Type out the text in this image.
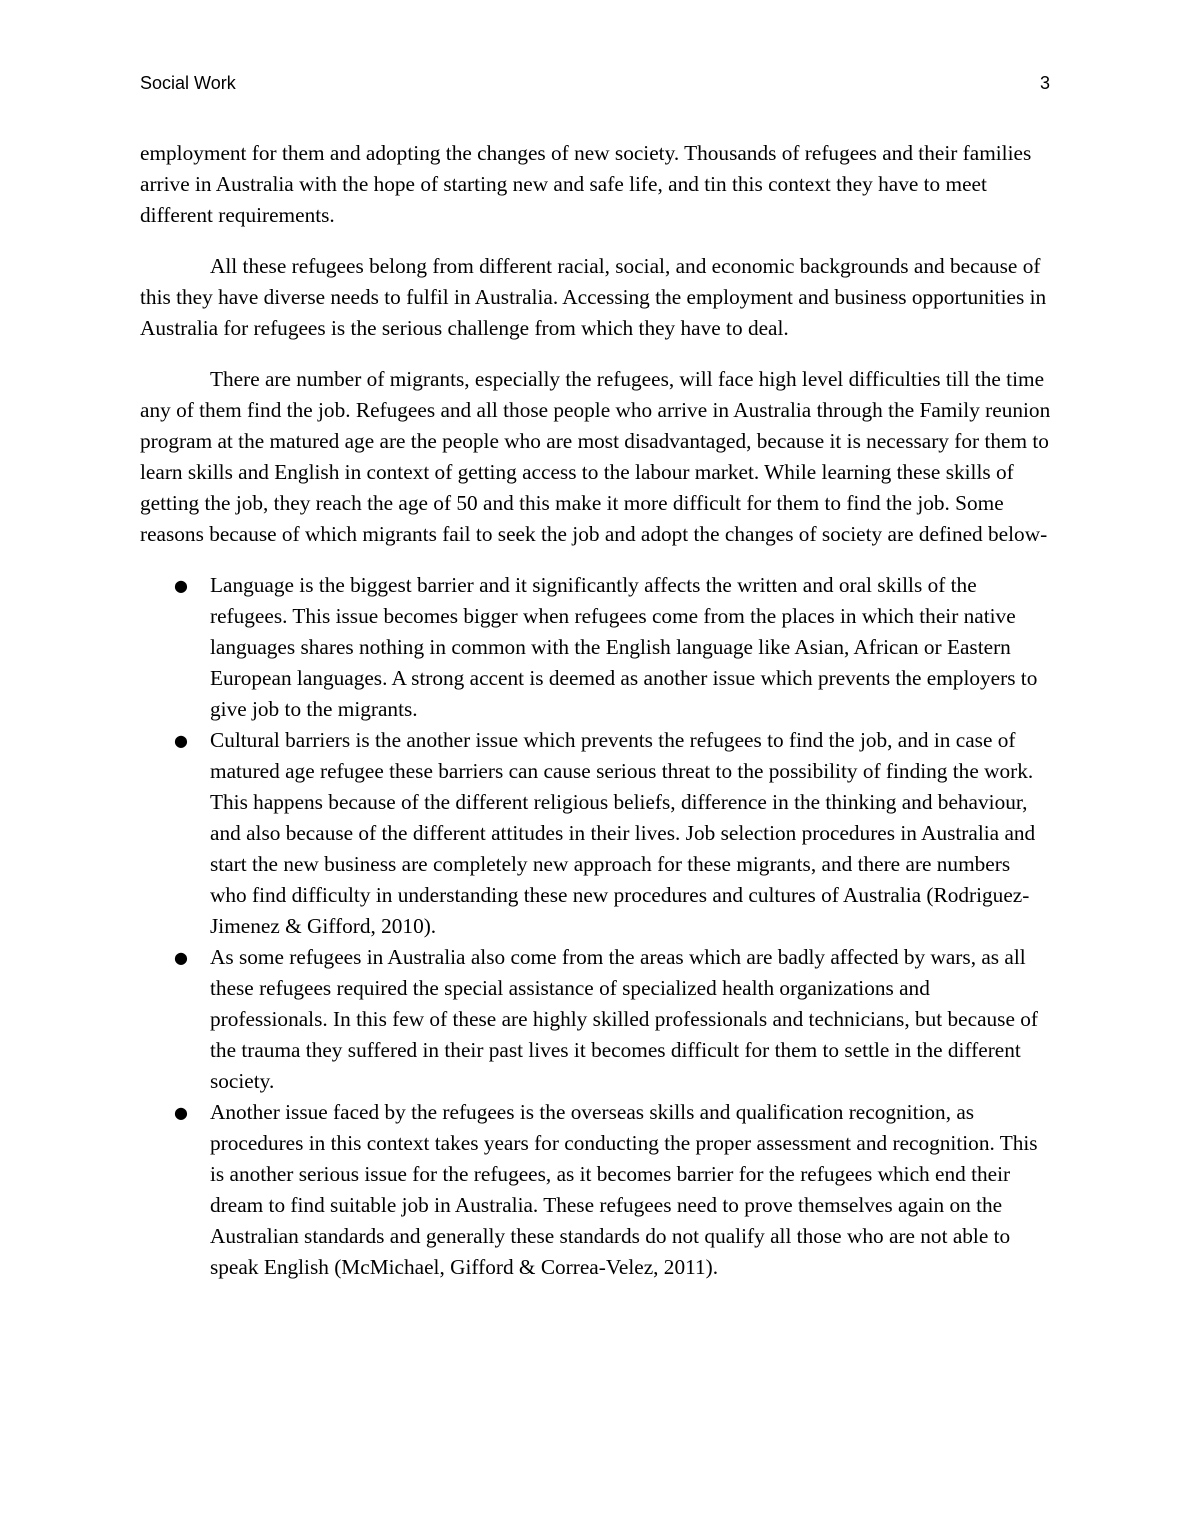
Social Work	3

employment for them and adopting the changes of new society. Thousands of refugees and their families arrive in Australia with the hope of starting new and safe life, and tin this context they have to meet different requirements.

All these refugees belong from different racial, social, and economic backgrounds and because of this they have diverse needs to fulfil in Australia. Accessing the employment and business opportunities in Australia for refugees is the serious challenge from which they have to deal.

There are number of migrants, especially the refugees, will face high level difficulties till the time any of them find the job. Refugees and all those people who arrive in Australia through the Family reunion program at the matured age are the people who are most disadvantaged, because it is necessary for them to learn skills and English in context of getting access to the labour market. While learning these skills of getting the job, they reach the age of 50 and this make it more difficult for them to find the job. Some reasons because of which migrants fail to seek the job and adopt the changes of society are defined below-

● Language is the biggest barrier and it significantly affects the written and oral skills of the refugees. This issue becomes bigger when refugees come from the places in which their native languages shares nothing in common with the English language like Asian, African or Eastern European languages. A strong accent is deemed as another issue which prevents the employers to give job to the migrants.
● Cultural barriers is the another issue which prevents the refugees to find the job, and in case of matured age refugee these barriers can cause serious threat to the possibility of finding the work. This happens because of the different religious beliefs, difference in the thinking and behaviour, and also because of the different attitudes in their lives. Job selection procedures in Australia and start the new business are completely new approach for these migrants, and there are numbers who find difficulty in understanding these new procedures and cultures of Australia (Rodriguez-Jimenez & Gifford, 2010).
● As some refugees in Australia also come from the areas which are badly affected by wars, as all these refugees required the special assistance of specialized health organizations and professionals. In this few of these are highly skilled professionals and technicians, but because of the trauma they suffered in their past lives it becomes difficult for them to settle in the different society.
● Another issue faced by the refugees is the overseas skills and qualification recognition, as procedures in this context takes years for conducting the proper assessment and recognition. This is another serious issue for the refugees, as it becomes barrier for the refugees which end their dream to find suitable job in Australia. These refugees need to prove themselves again on the Australian standards and generally these standards do not qualify all those who are not able to speak English (McMichael, Gifford & Correa-Velez, 2011).
